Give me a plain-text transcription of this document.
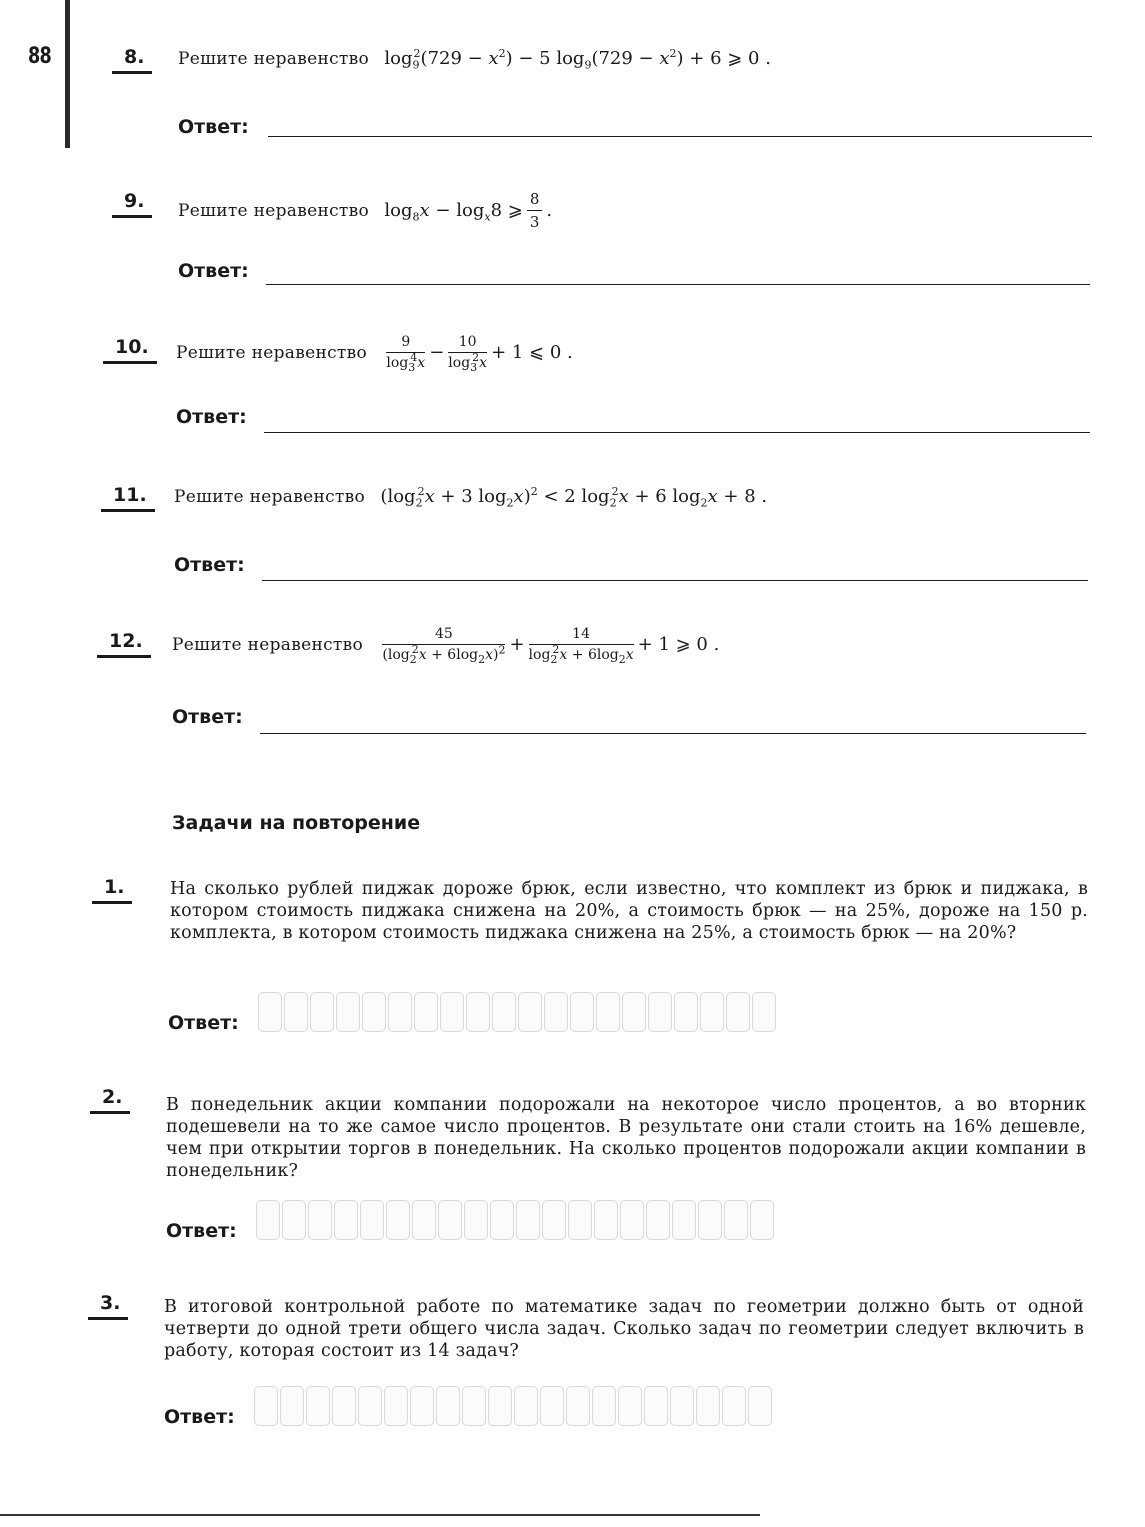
88	8.	Решите неравенство $\log_9^2(729 - x^2) - 5$ $\log_9(729 - x^2) + 6$ ⩾ 0 .
Ответ:
9.	Решите неравенство $\log_8x - \log_x8$ ⩾ $\frac{8}{3}$ .
Ответ:
10.	Решите неравенство $\frac{9}{\log_3^4x} - \frac{10}{\log_3^2x} + 1$ ⩽ 0 .
Ответ:
11.	Решите неравенство ($\log_2^2x + 3$ $\log_2x)^2 < 2$ $\log_2^2x + 6$ $\log_2x + 8$ .
Ответ:
12.	Решите неравенство $\frac{45}{(\log_2^2x + 6\log_2x)^2} + \frac{14}{\log_2^2x + 6\log_2x} + 1$ ⩾ 0 .
Ответ:
Задачи на повторение
1.	На сколько рублей пиджак дороже брюк, если известно, что комплект из брюк и пиджака, в котором стоимость пиджака снижена на 20%, а стоимость брюк — на 25%, дороже на 150 р. комплекта, в котором стоимость пиджака снижена на 25%, а стоимость брюк — на 20%?
Ответ:
2.	В понедельник акции компании подорожали на некоторое число процентов, а во вторник подешевели на то же самое число процентов. В результате они стали стоить на 16% дешевле, чем при открытии торгов в понедельник. На сколько процентов подорожали акции компании в понедельник?
Ответ:
3.	В итоговой контрольной работе по математике задач по геометрии должно быть от одной четверти до одной трети общего числа задач. Сколько задач по геометрии следует включить в работу, которая состоит из 14 задач?
Ответ:
